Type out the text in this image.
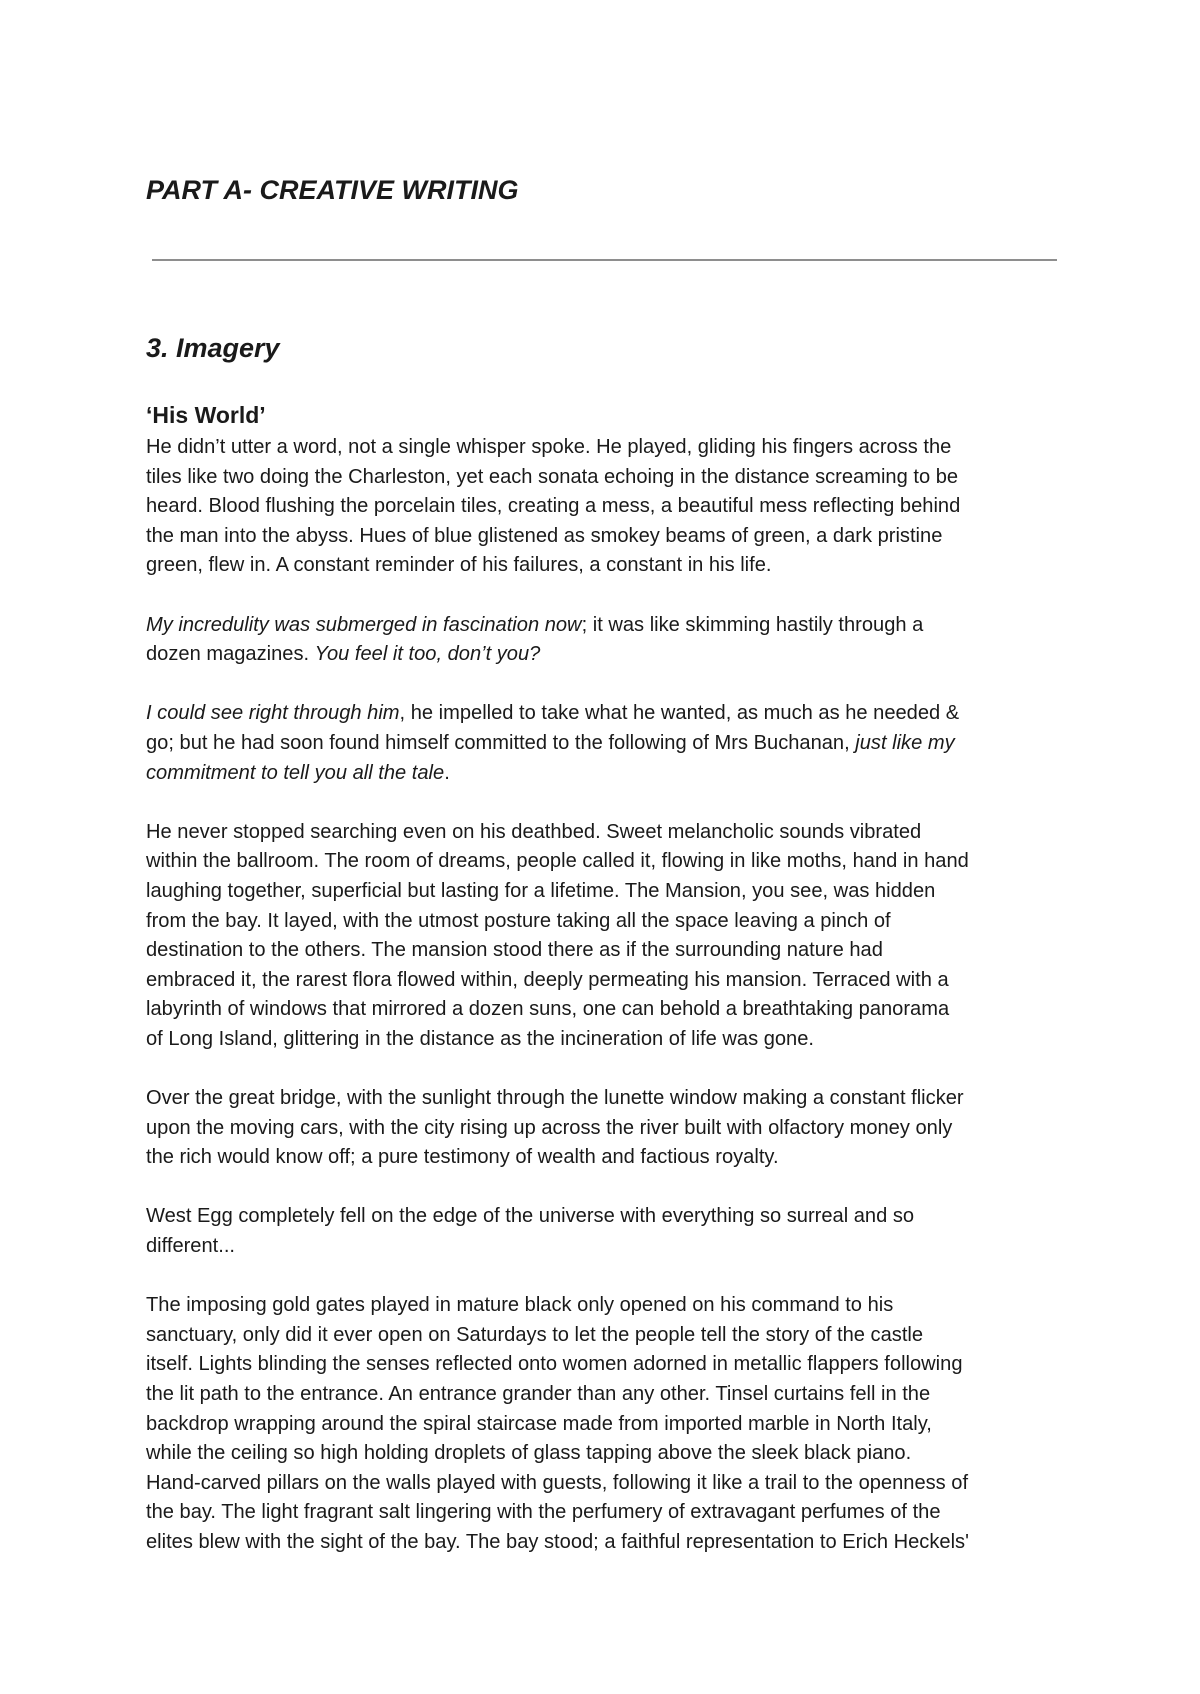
PART A- CREATIVE WRITING
3. Imagery
‘His World’

He didn’t utter a word, not a single whisper spoke. He played, gliding his fingers across the
tiles like two doing the Charleston, yet each sonata echoing in the distance screaming to be
heard. Blood flushing the porcelain tiles, creating a mess, a beautiful mess reflecting behind
the man into the abyss. Hues of blue glistened as smokey beams of green, a dark pristine
green, flew in. A constant reminder of his failures, a constant in his life.

My incredulity was submerged in fascination now; it was like skimming hastily through a
dozen magazines. You feel it too, don’t you?

I could see right through him, he impelled to take what he wanted, as much as he needed &
go; but he had soon found himself committed to the following of Mrs Buchanan, just like my
commitment to tell you all the tale.

He never stopped searching even on his deathbed. Sweet melancholic sounds vibrated
within the ballroom. The room of dreams, people called it, flowing in like moths, hand in hand
laughing together, superficial but lasting for a lifetime. The Mansion, you see, was hidden
from the bay. It layed, with the utmost posture taking all the space leaving a pinch of
destination to the others. The mansion stood there as if the surrounding nature had
embraced it, the rarest flora flowed within, deeply permeating his mansion. Terraced with a
labyrinth of windows that mirrored a dozen suns, one can behold a breathtaking panorama
of Long Island, glittering in the distance as the incineration of life was gone.

Over the great bridge, with the sunlight through the lunette window making a constant flicker
upon the moving cars, with the city rising up across the river built with olfactory money only
the rich would know off; a pure testimony of wealth and factious royalty.

West Egg completely fell on the edge of the universe with everything so surreal and so
different...

The imposing gold gates played in mature black only opened on his command to his
sanctuary, only did it ever open on Saturdays to let the people tell the story of the castle
itself. Lights blinding the senses reflected onto women adorned in metallic flappers following
the lit path to the entrance. An entrance grander than any other. Tinsel curtains fell in the
backdrop wrapping around the spiral staircase made from imported marble in North Italy,
while the ceiling so high holding droplets of glass tapping above the sleek black piano.
Hand-carved pillars on the walls played with guests, following it like a trail to the openness of
the bay. The light fragrant salt lingering with the perfumery of extravagant perfumes of the
elites blew with the sight of the bay. The bay stood; a faithful representation to Erich Heckels'
